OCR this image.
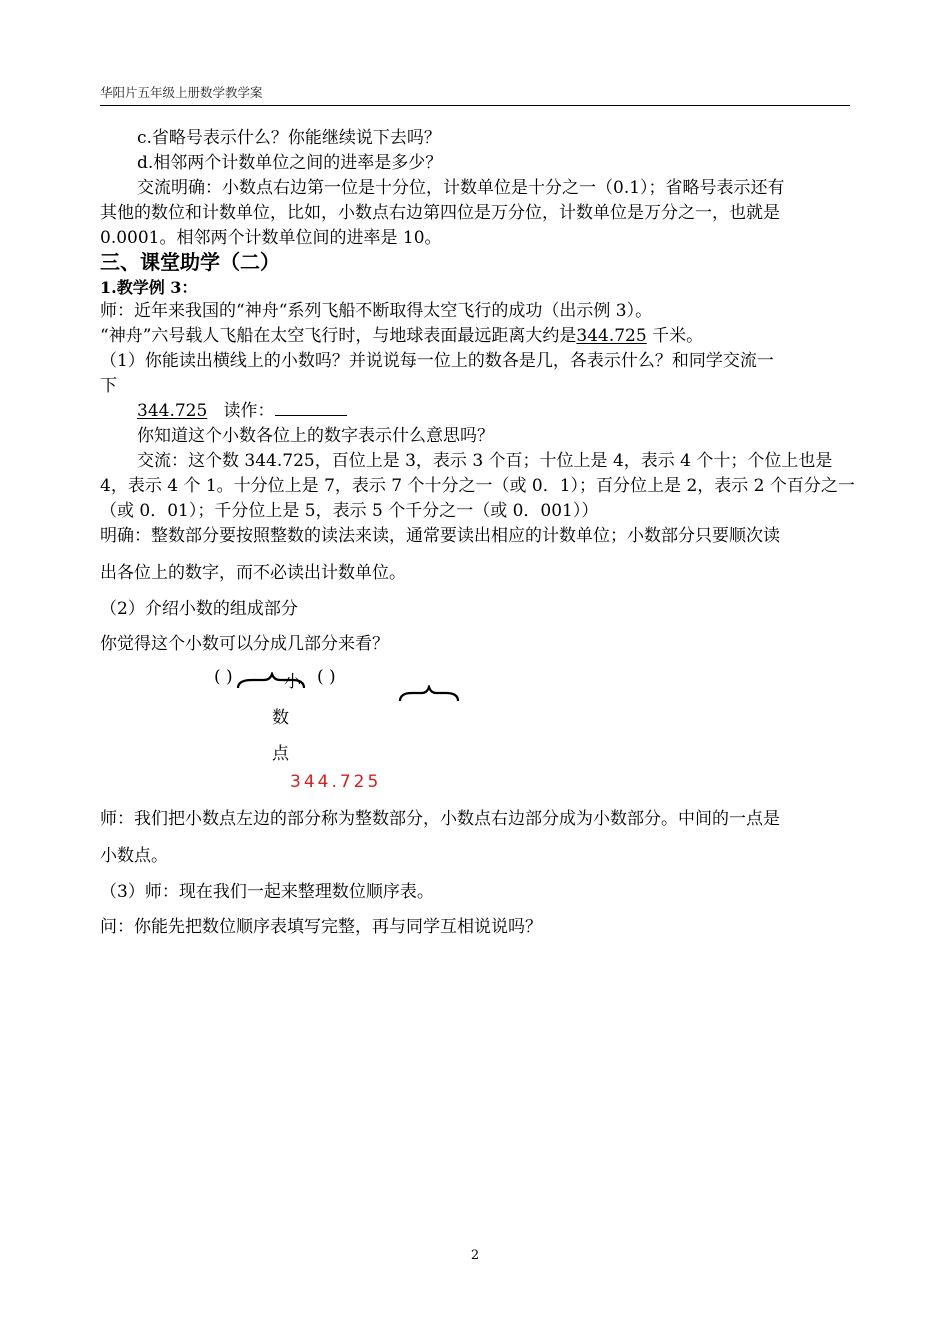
华阳片五年级上册数学教学案
c.省略号表示什么？你能继续说下去吗？
d.相邻两个计数单位之间的进率是多少？
交流明确：小数点右边第一位是十分位，计数单位是十分之一（0.1）；省略号表示还有
其他的数位和计数单位，比如，小数点右边第四位是万分位，计数单位是万分之一，也就是
0.0001。相邻两个计数单位间的进率是 10。
三、课堂助学（二）
1.教学例 3：
师：近年来我国的“神舟“系列飞船不断取得太空飞行的成功（出示例 3）。
“神舟”六号载人飞船在太空飞行时，与地球表面最远距离大约是344.725 千米。
（1）你能读出横线上的小数吗？并说说每一位上的数各是几，各表示什么？和同学交流一
下
344.725 读作：
你知道这个小数各位上的数字表示什么意思吗？
交流：这个数 344.725，百位上是 3，表示 3 个百；十位上是 4，表示 4 个十；个位上也是
4，表示 4 个 1。十分位上是 7，表示 7 个十分之一（或 0．1）；百分位上是 2，表示 2 个百分之一
（或 0．01）；千分位上是 5，表示 5 个千分之一（或 0．001））
明确：整数部分要按照整数的读法来读，通常要读出相应的计数单位；小数部分只要顺次读
出各位上的数字，而不必读出计数单位。
（2）介绍小数的组成部分
你觉得这个小数可以分成几部分来看？
( )	小
数
点
( )
344.725
师：我们把小数点左边的部分称为整数部分，小数点右边部分成为小数部分。中间的一点是
小数点。
（3）师：现在我们一起来整理数位顺序表。
问：你能先把数位顺序表填写完整，再与同学互相说说吗？
2
